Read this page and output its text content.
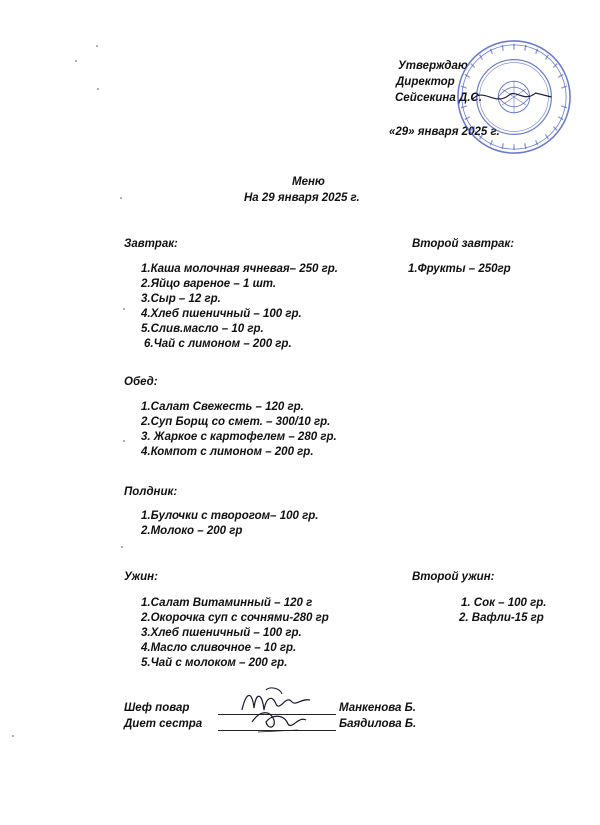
Утверждаю
Директор
Сейсекина Д.С.
«29» января 2025 г.
Меню
На 29 января 2025 г.
Завтрак:
1.Каша молочная ячневая– 250 гр.
2.Яйцо вареное – 1 шт.
3.Сыр – 12 гр.
4.Хлеб пшеничный – 100 гр.
5.Слив.масло – 10 гр.
6.Чай с лимоном – 200 гр.
Второй завтрак:
1.Фрукты – 250гр
Обед:
1.Салат Свежесть – 120 гр.
2.Суп Борщ со смет. – 300/10 гр.
3. Жаркое с картофелем – 280 гр.
4.Компот с лимоном – 200 гр.
Полдник:
1.Булочки с творогом– 100 гр.
2.Молоко – 200 гр
Ужин:
1.Салат Витаминный – 120 г
2.Окорочка суп с сочнями-280 гр
3.Хлеб пшеничный – 100 гр.
4.Масло сливочное – 10 гр.
5.Чай с молоком – 200 гр.
Второй ужин:
1. Сок – 100 гр.
2. Вафли-15 гр
Шеф повар	Манкенова Б.
Диет сестра	Баядилова Б.
